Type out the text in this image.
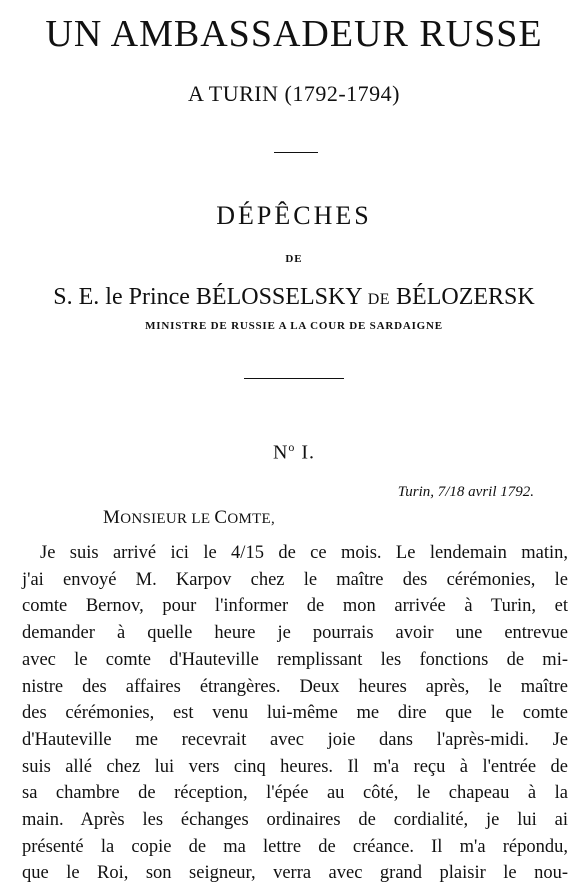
UN AMBASSADEUR RUSSE
A TURIN (1792-1794)
DÉPÊCHES
DE
S. E. le Prince BÉLOSSELSKY DE BÉLOZERSK
MINISTRE DE RUSSIE A LA COUR DE SARDAIGNE
$N^o$ I.
Turin, 7/18 avril 1792.
MONSIEUR LE COMTE,
Je suis arrivé ici le 4/15 de ce mois. Le lendemain matin,
j'ai envoyé M. Karpov chez le maître des cérémonies, le
comte Bernov, pour l'informer de mon arrivée à Turin, et
demander à quelle heure je pourrais avoir une entrevue
avec le comte d'Hauteville remplissant les fonctions de mi-
nistre des affaires étrangères. Deux heures après, le maître
des cérémonies, est venu lui-même me dire que le comte
d'Hauteville me recevrait avec joie dans l'après-midi. Je
suis allé chez lui vers cinq heures. Il m'a reçu à l'entrée de
sa chambre de réception, l'épée au côté, le chapeau à la
main. Après les échanges ordinaires de cordialité, je lui ai
présenté la copie de ma lettre de créance. Il m'a répondu,
que le Roi, son seigneur, verra avec grand plaisir le nou-
